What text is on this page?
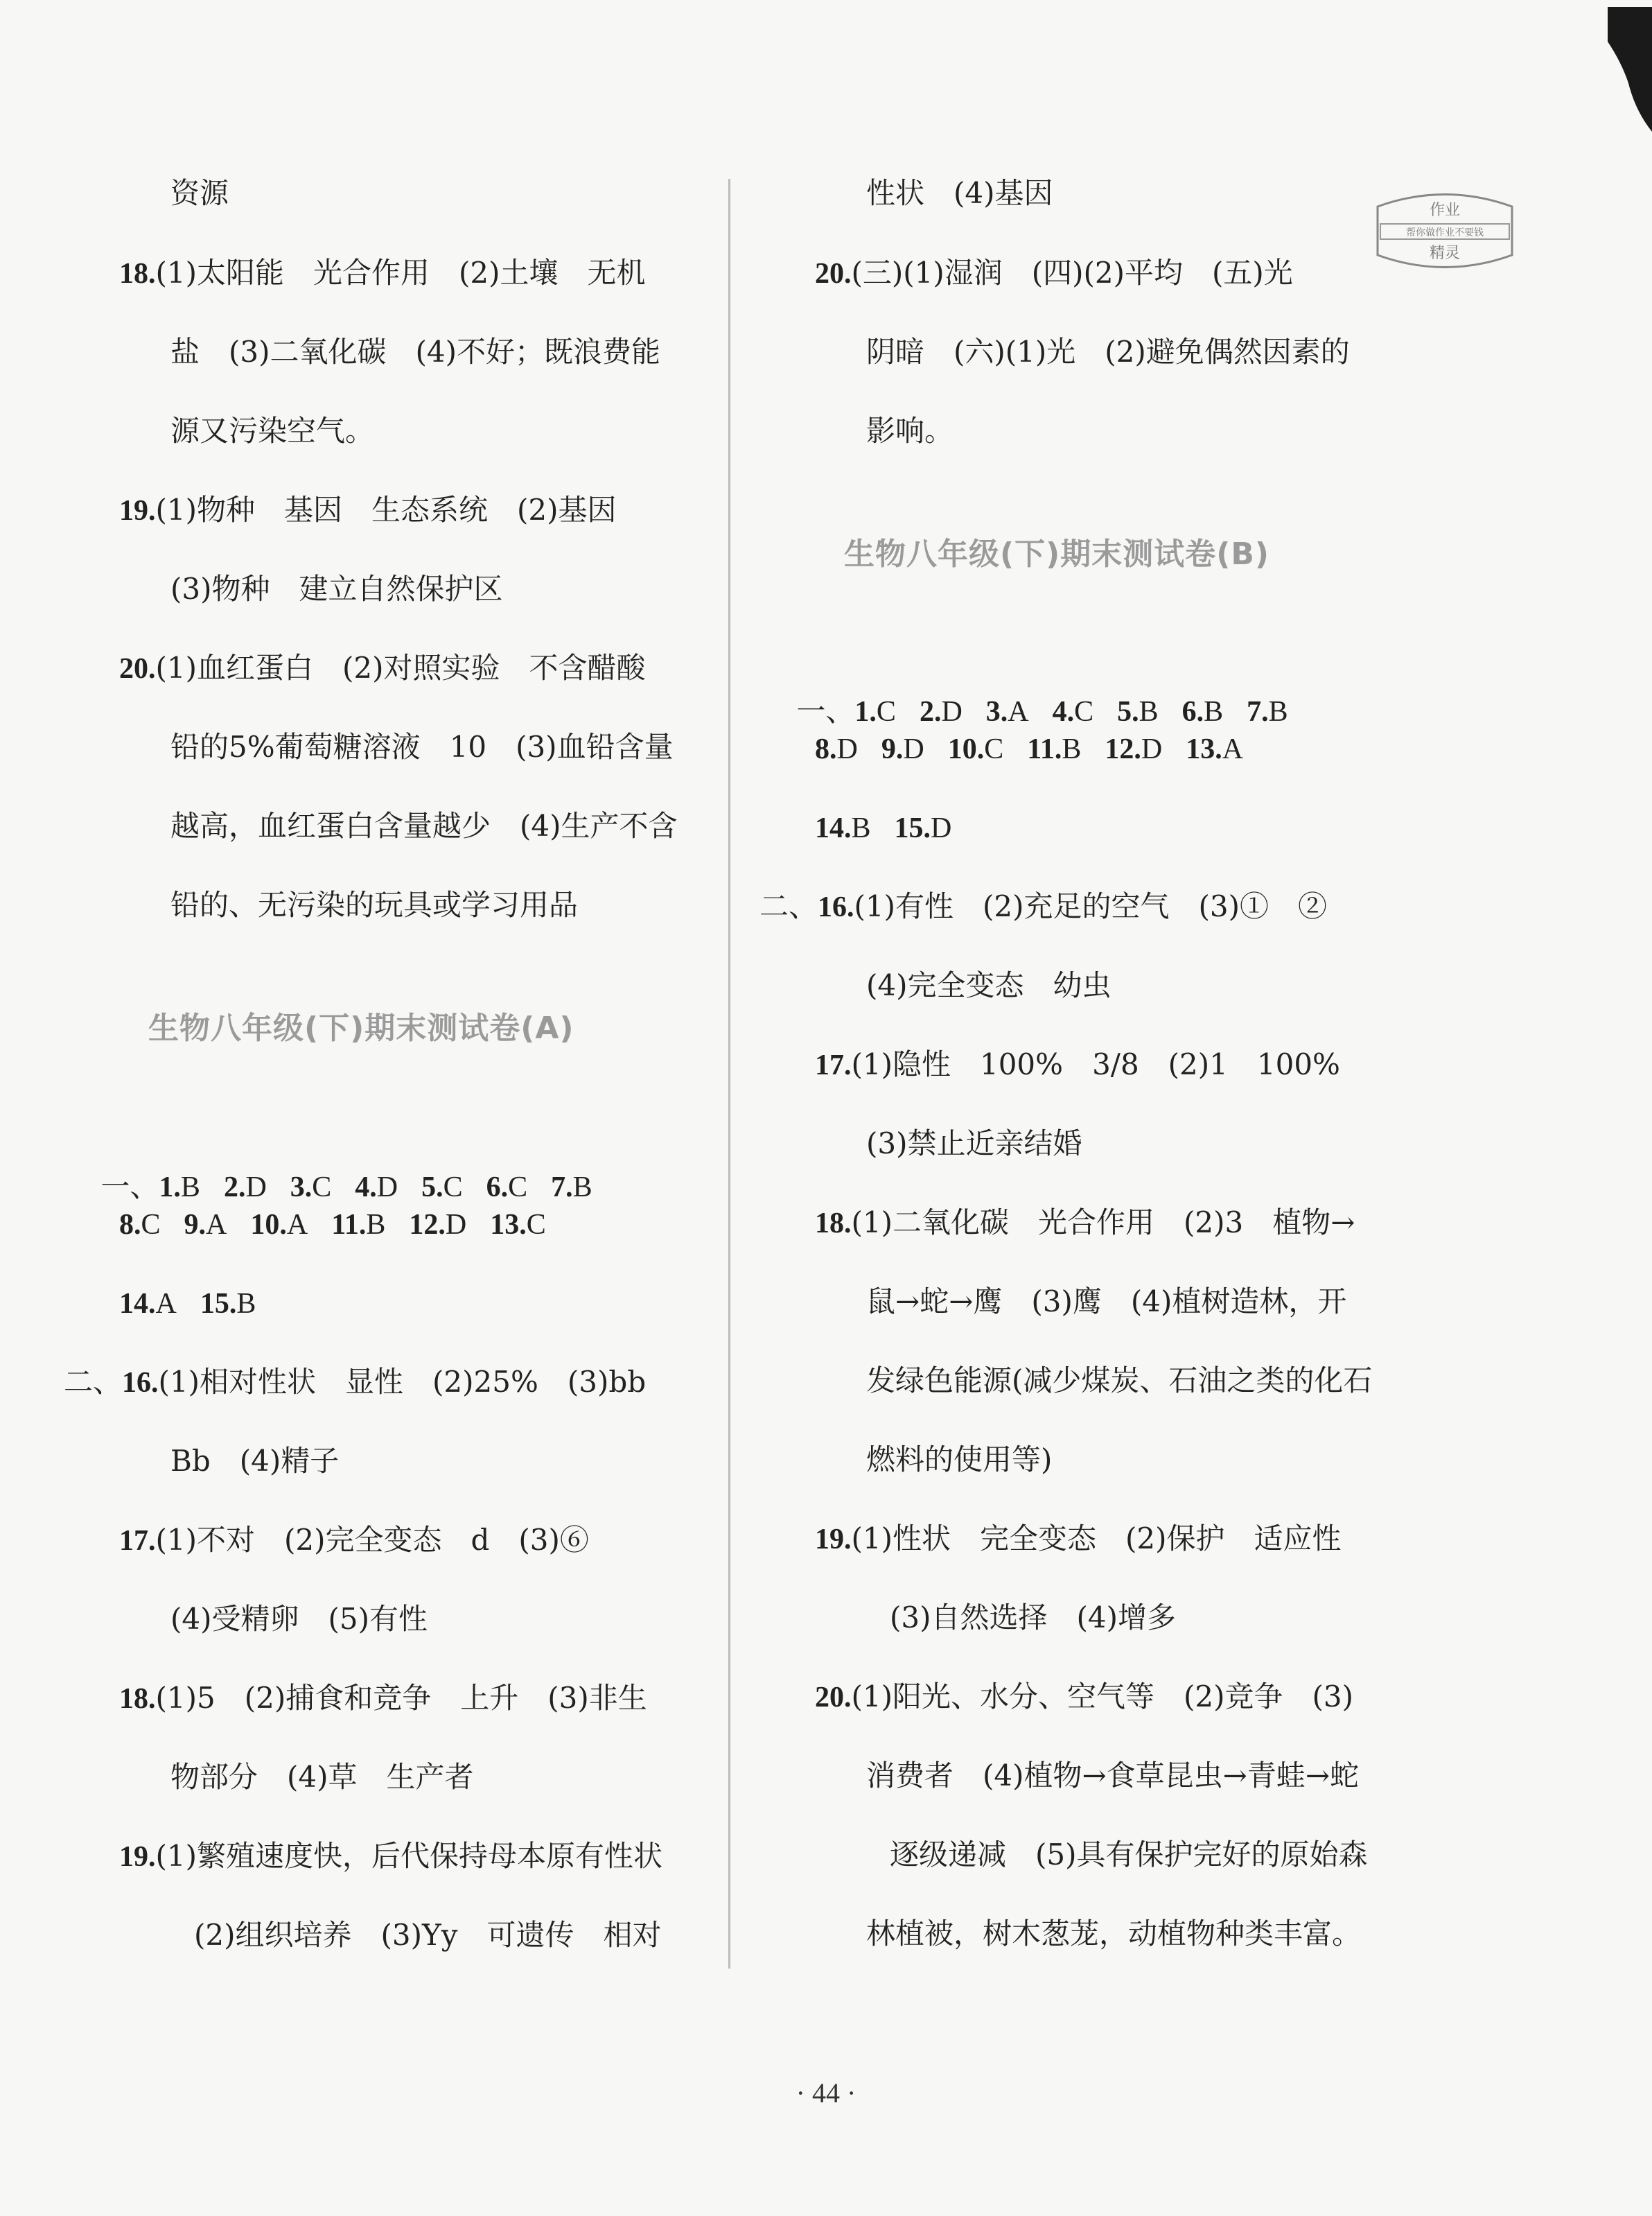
资源
18.(1)太阳能　光合作用　(2)土壤　无机
盐　(3)二氧化碳　(4)不好；既浪费能
源又污染空气。
19.(1)物种　基因　生态系统　(2)基因
(3)物种　建立自然保护区
20.(1)血红蛋白　(2)对照实验　不含醋酸
铅的5%葡萄糖溶液　10　(3)血铅含量
越高，血红蛋白含量越少　(4)生产不含
铅的、无污染的玩具或学习用品
生物八年级(下)期末测试卷(A)

一、1.B 2.D 3.C 4.D 5.C 6.C 7.B

8.C 9.A 10.A 11.B 12.D 13.C
14.A 15.B
二、16.(1)相对性状　显性　(2)25%　(3)bb
Bb　(4)精子
17.(1)不对　(2)完全变态　d　(3)⑥
(4)受精卵　(5)有性
18.(1)5　(2)捕食和竞争　上升　(3)非生
物部分　(4)草　生产者
19.(1)繁殖速度快，后代保持母本原有性状
(2)组织培养　(3)Yy　可遗传　相对
性状　(4)基因
20.(三)(1)湿润　(四)(2)平均　(五)光
阴暗　(六)(1)光　(2)避免偶然因素的
影响。
生物八年级(下)期末测试卷(B)

一、1.C 2.D 3.A 4.C 5.B 6.B 7.B

8.D 9.D 10.C 11.B 12.D 13.A
14.B 15.D
二、16.(1)有性　(2)充足的空气　(3)①　②
(4)完全变态　幼虫
17.(1)隐性　100%　3/8　(2)1　100%
(3)禁止近亲结婚
18.(1)二氧化碳　光合作用　(2)3　植物→
鼠→蛇→鹰　(3)鹰　(4)植树造林，开
发绿色能源(减少煤炭、石油之类的化石
燃料的使用等)
19.(1)性状　完全变态　(2)保护　适应性
(3)自然选择　(4)增多
20.(1)阳光、水分、空气等　(2)竞争　(3)
消费者　(4)植物→食草昆虫→青蛙→蛇
逐级递减　(5)具有保护完好的原始森
林植被，树木葱茏，动植物种类丰富。
作业
帮你做作业不要钱
精灵
· 44 ·
